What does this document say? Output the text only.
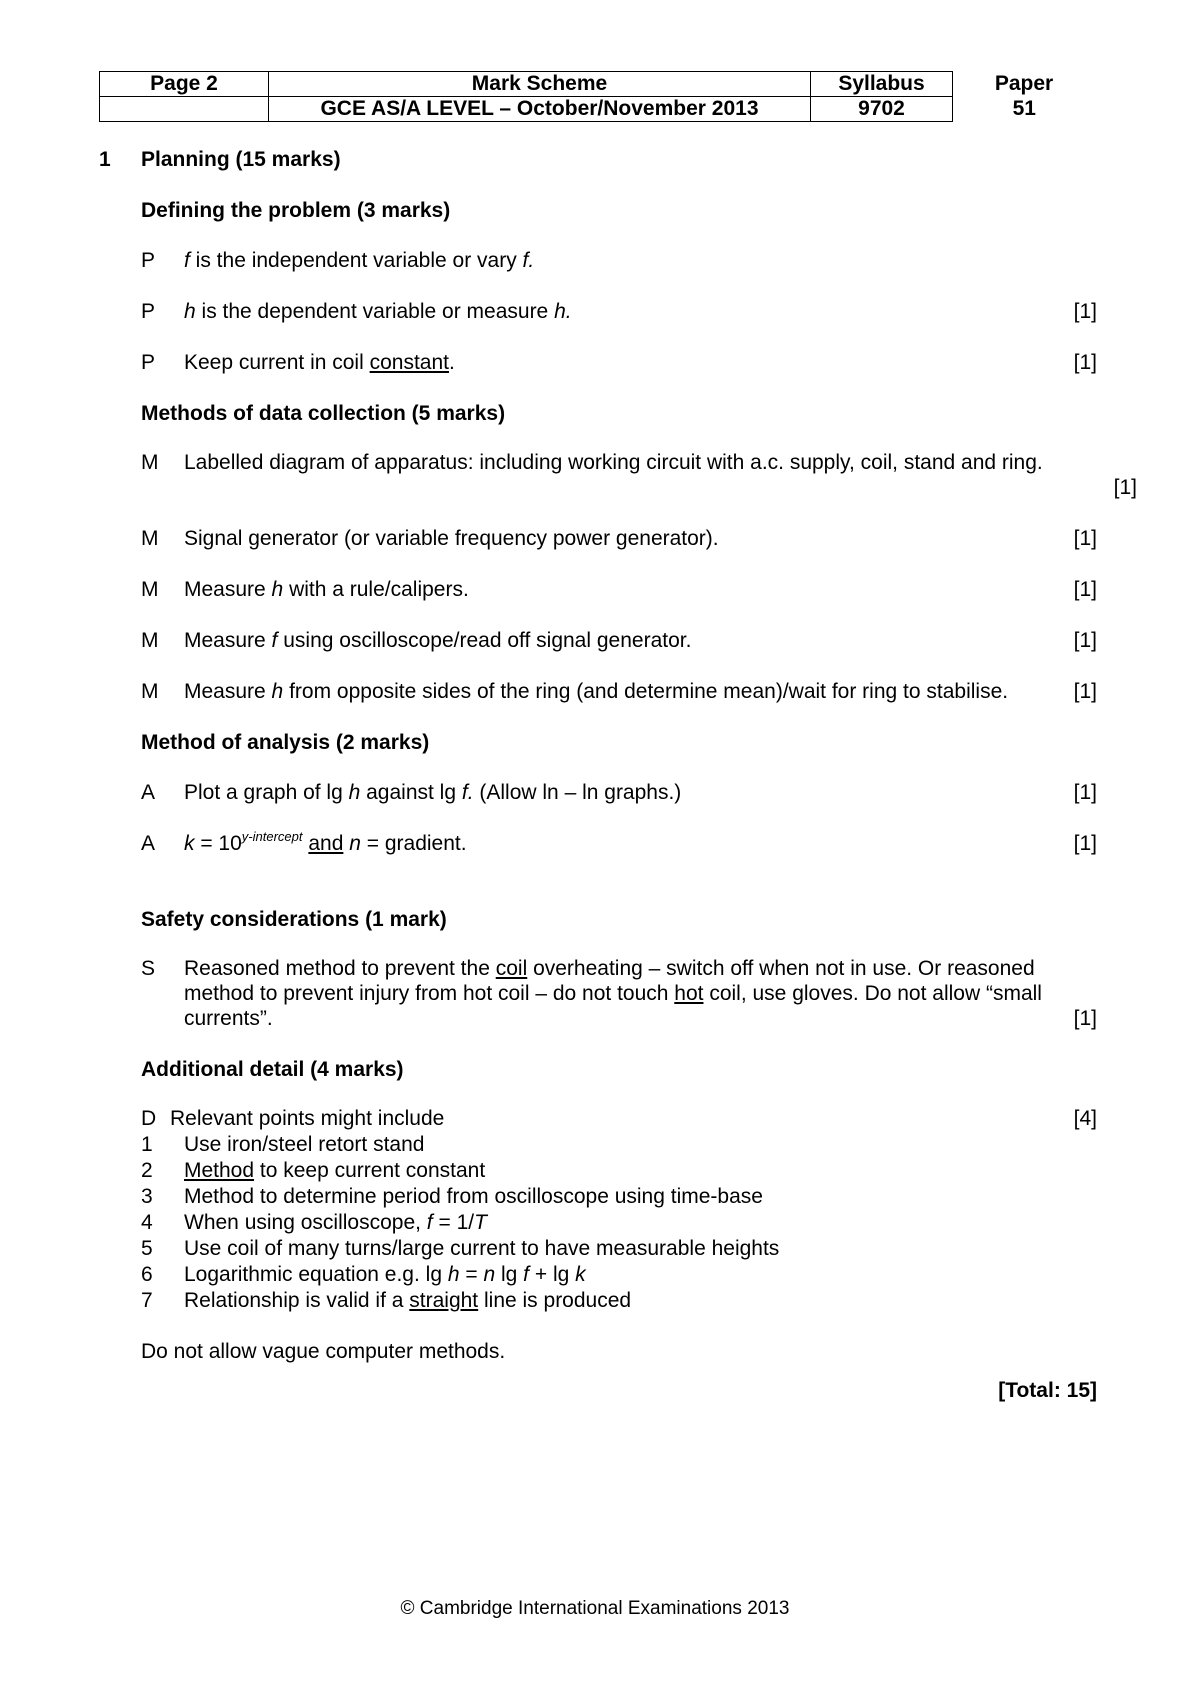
Page 2	Mark Scheme	Syllabus	Paper
	GCE AS/A LEVEL – October/November 2013	9702	51
1 Planning (15 marks)
Defining the problem (3 marks)
P f is the independent variable or vary f.
P h is the dependent variable or measure h.	[1]
P Keep current in coil constant.	[1]
Methods of data collection (5 marks)
M Labelled diagram of apparatus: including working circuit with a.c. supply, coil, stand and ring.
[1]
M Signal generator (or variable frequency power generator).	[1]
M Measure h with a rule/calipers.	[1]
M Measure f using oscilloscope/read off signal generator.	[1]
M Measure h from opposite sides of the ring (and determine mean)/wait for ring to stabilise.	[1]
Method of analysis (2 marks)
A Plot a graph of lg h against lg f. (Allow ln – ln graphs.)	[1]
A $k = 10^{y-intercept}$ and n = gradient.	[1]
Safety considerations (1 mark)
S Reasoned method to prevent the coil overheating – switch off when not in use. Or reasoned
method to prevent injury from hot coil – do not touch hot coil, use gloves. Do not allow “small
currents”.	[1]
Additional detail (4 marks)
D Relevant points might include	[4]
1 Use iron/steel retort stand
2 Method to keep current constant
3 Method to determine period from oscilloscope using time-base
4 When using oscilloscope, f = 1/T
5 Use coil of many turns/large current to have measurable heights
6 Logarithmic equation e.g. lg h = n lg f + lg k
7 Relationship is valid if a straight line is produced
Do not allow vague computer methods.
[Total: 15]
© Cambridge International Examinations 2013
